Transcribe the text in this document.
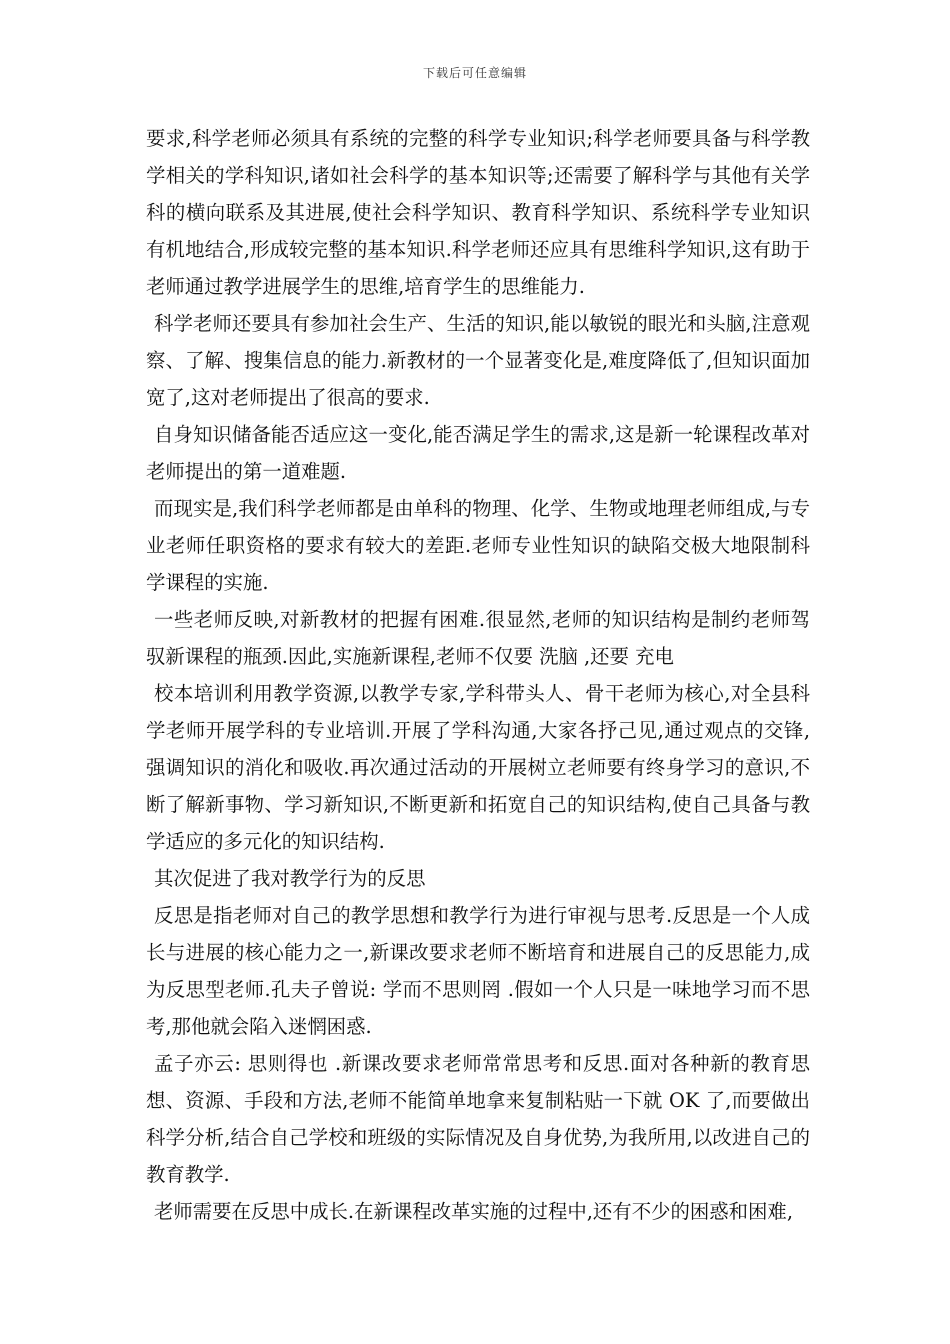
下载后可任意编辑

要求,科学老师必须具有系统的完整的科学专业知识;科学老师要具备与科学教学相关的学科知识,诸如社会科学的基本知识等;还需要了解科学与其他有关学科的横向联系及其进展,使社会科学知识、教育科学知识、系统科学专业知识有机地结合,形成较完整的基本知识.科学老师还应具有思维科学知识,这有助于老师通过教学进展学生的思维,培育学生的思维能力.

科学老师还要具有参加社会生产、生活的知识,能以敏锐的眼光和头脑,注意观察、了解、搜集信息的能力.新教材的一个显著变化是,难度降低了,但知识面加宽了,这对老师提出了很高的要求.

自身知识储备能否适应这一变化,能否满足学生的需求,这是新一轮课程改革对老师提出的第一道难题.

而现实是,我们科学老师都是由单科的物理、化学、生物或地理老师组成,与专业老师任职资格的要求有较大的差距.老师专业性知识的缺陷交极大地限制科学课程的实施.

一些老师反映,对新教材的把握有困难.很显然,老师的知识结构是制约老师驾驭新课程的瓶颈.因此,实施新课程,老师不仅要 洗脑 ,还要 充电

校本培训利用教学资源,以教学专家,学科带头人、骨干老师为核心,对全县科学老师开展学科的专业培训.开展了学科沟通,大家各抒己见,通过观点的交锋,强调知识的消化和吸收.再次通过活动的开展树立老师要有终身学习的意识,不断了解新事物、学习新知识,不断更新和拓宽自己的知识结构,使自己具备与教学适应的多元化的知识结构.

其次促进了我对教学行为的反思

反思是指老师对自己的教学思想和教学行为进行审视与思考.反思是一个人成长与进展的核心能力之一,新课改要求老师不断培育和进展自己的反思能力,成为反思型老师.孔夫子曾说: 学而不思则罔 .假如一个人只是一味地学习而不思考,那他就会陷入迷惘困惑.

孟子亦云: 思则得也 .新课改要求老师常常思考和反思.面对各种新的教育思想、资源、手段和方法,老师不能简单地拿来复制粘贴一下就 OK 了,而要做出科学分析,结合自己学校和班级的实际情况及自身优势,为我所用,以改进自己的教育教学.

老师需要在反思中成长.在新课程改革实施的过程中,还有不少的困惑和困难,
